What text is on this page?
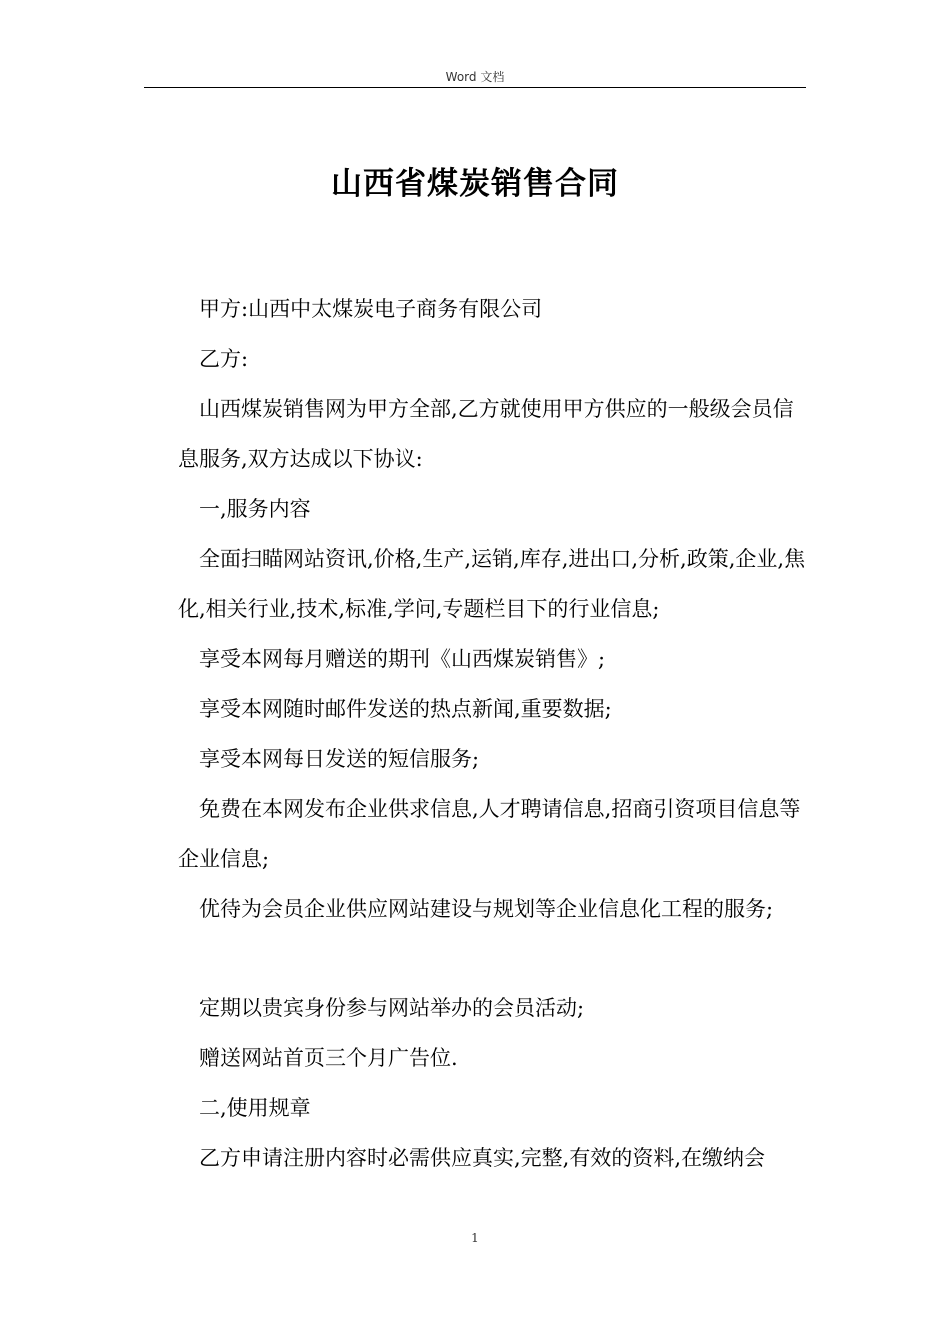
Word 文档
山西省煤炭销售合同

甲方:山西中太煤炭电子商务有限公司

乙方:

山西煤炭销售网为甲方全部,乙方就使用甲方供应的一般级会员信息服务,双方达成以下协议:

一,服务内容

全面扫瞄网站资讯,价格,生产,运销,库存,进出口,分析,政策,企业,焦化,相关行业,技术,标准,学问,专题栏目下的行业信息;

享受本网每月赠送的期刊《山西煤炭销售》;

享受本网随时邮件发送的热点新闻,重要数据;

享受本网每日发送的短信服务;

免费在本网发布企业供求信息,人才聘请信息,招商引资项目信息等企业信息;

优待为会员企业供应网站建设与规划等企业信息化工程的服务;

定期以贵宾身份参与网站举办的会员活动;

赠送网站首页三个月广告位.

二,使用规章

乙方申请注册内容时必需供应真实,完整,有效的资料,在缴纳会

1
